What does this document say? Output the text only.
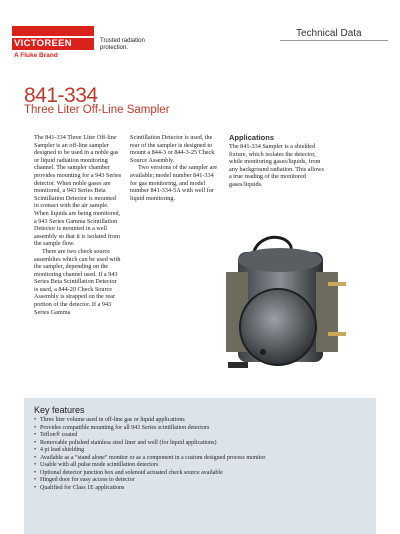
VICTOREEN
A Fluke Brand
Trusted radiation protection.
Technical Data
841-334
Three Liter Off-Line Sampler

The 841-334 Three Liter Off-line Sampler is an off-line sampler designed to be used in a noble gas or liquid radiation monitoring channel. The sampler chamber provides mounting for a 943 Series detector. When noble gases are monitored, a 943 Series Beta Scintillation Detector is mounted in contact with the air sample. When liquids are being monitored, a 943 Series Gamma Scintillation Detector is mounted in a well assembly so that it is isolated from the sample flow.

There are two check source assemblies which can be used with the sampler, depending on the monitoring channel used. If a 943 Series Beta Scintillation Detector is used, a 844-20 Check Source Assembly is strapped on the rear portion of the detector. If a 943 Series Gamma

Scintillation Detector is used, the rear of the sampler is designed to mount a 844-3 or 844-3-25 Check Source Assembly.

Two versions of the sampler are available; model number 841-334 for gas monitoring, and model number 841-334-5A with well for liquid monitoring.

Applications

The 841-334 Sampler is a shielded fixture, which isolates the detector, while monitoring gases/liquids, from any background radiation. This allows a true reading of the monitored gases/liquids.

Key features
• Three liter volume used in off-line gas or liquid applications
• Provides compatible mounting for all 943 Series scintillation detectors
• Teflon® coated
• Removable polished stainless steel liner and well (for liquid applications)
• 4 pi lead shielding
• Available as a “stand alone” monitor or as a component in a custom designed process monitor
• Usable with all pulse mode scintillation detectors
• Optional detector junction box and solenoid actuated check source available
• Hinged door for easy access to detector
• Qualified for Class 1E applications
